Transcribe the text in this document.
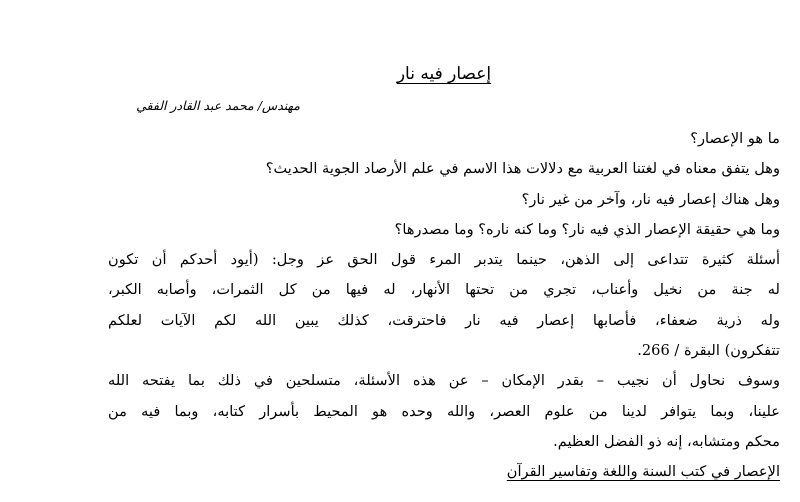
إعصار فيه نار
مهندس/ محمد عبد القادر الفقي
ما هو الإعصار؟
وهل يتفق معناه في لغتنا العربية مع دلالات هذا الاسم في علم الأرصاد الجوية الحديث؟
وهل هناك إعصار فيه نار، وآخر من غير نار؟
وما هي حقيقة الإعصار الذي فيه نار؟ وما كنه ناره؟ وما مصدرها؟
أسئلة كثيرة تتداعى إلى الذهن، حينما يتدبر المرء قول الحق عز وجل: (أيود أحدكم أن تكون
له جنة من نخيل وأعناب، تجري من تحتها الأنهار، له فيها من كل الثمرات، وأصابه الكبر،
وله ذرية ضعفاء، فأصابها إعصار فيه نار فاحترقت، كذلك يبين الله لكم الآيات لعلكم
تتفكرون) البقرة / 266.
وسوف نحاول أن نجيب – بقدر الإمكان – عن هذه الأسئلة، متسلحين في ذلك بما يفتحه الله
علينا، وبما يتوافر لدينا من علوم العصر، والله وحده هو المحيط بأسرار كتابه، وبما فيه من
محكم ومتشابه، إنه ذو الفضل العظيم.
الإعصار في كتب السنة واللغة وتفاسير القرآن
